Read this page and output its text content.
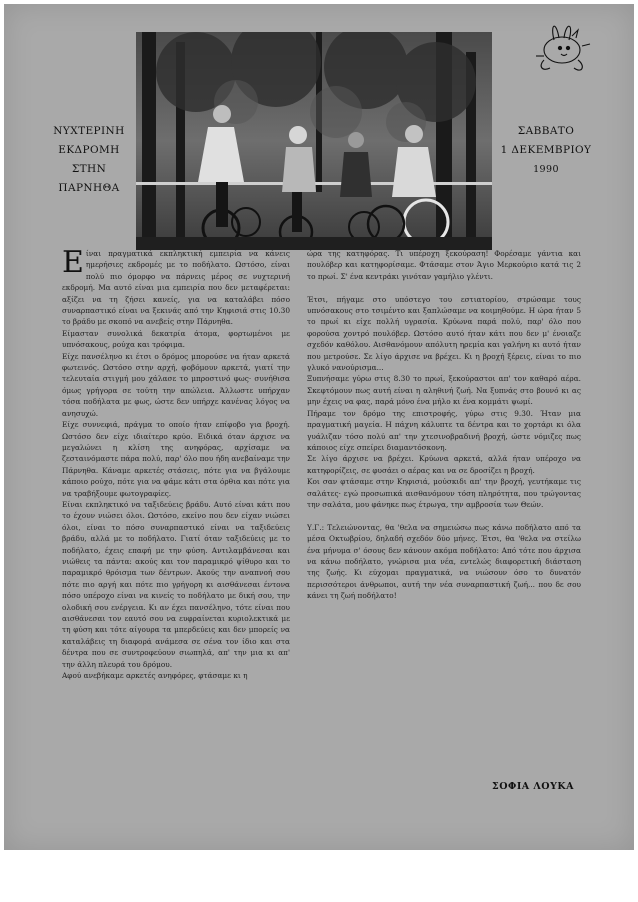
ΝΥΧΤΕΡΙΝΗ
ΕΚΔΡΟΜΗ
ΣΤΗΝ
ΠΑΡΝΗΘΑ
ΣΑΒΒΑΤΟ
1 ΔΕΚΕΜΒΡΙΟΥ
1990
Είναι πραγματικά εκπληκτική εμπειρία να κάνεις ημερήσιες εκδρομές με το ποδήλατο. Ωστόσο, είναι πολύ πιο όμορφο να πάρνεις μέρος σε νυχτερινή εκδρομή. Μα αυτό είναι μια εμπειρία που δεν μεταφέρεται: αξίζει να τη ζήσει κανείς, για να καταλάβει πόσο συναρπαστικό είναι να ξεκινάς από την Κηφισιά στις 10.30 το βράδυ με σκοπό να ανεβείς στην Πάρνηθα.
Είμασταν συνολικά δεκατρία άτομα, φορτωμένοι με υπνόσακους, ρούχα και τρόφιμα.
Είχε πανσέληνο κι έτσι ο δρόμος μπορούσε να ήταν αρκετά φωτεινός. Ωστόσο στην αρχή, φοβόμουν αρκετά, γιατί την τελευταία στιγμή μου χάλασε το μπροστινό φως· συνήθισα όμως γρήγορα σε τούτη την απώλεια. Άλλωστε υπήρχαν τόσα ποδήλατα με φως, ώστε δεν υπήρχε κανένας λόγος να ανησυχώ.
Είχε συννεφιά, πράγμα το οποίο ήταν επίφοβο για βροχή. Ωστόσο δεν είχε ιδιαίτερο κρύο. Ειδικά όταν άρχισε να μεγαλώνει η κλίση της ανηφόρας, αρχίσαμε να ζεσταινόμαστε πάρα πολύ, παρ' όλο που ήδη ανεβαίναμε την Πάρνηθα. Κάναμε αρκετές στάσεις, πότε για να βγάλουμε κάποιο ρούχο, πότε για να φάμε κάτι στα όρθια και πότε για να τραβήξουμε φωτογραφίες.
Είναι εκπληκτικό να ταξιδεύεις βράδυ. Αυτό είναι κάτι που το έχουν νιώσει όλοι. Ωστόσο, εκείνο που δεν είχαν νιώσει όλοι, είναι το πόσο συναρπαστικό είναι να ταξιδεύεις βράδυ, αλλά με το ποδήλατο. Γιατί όταν ταξιδεύεις με το ποδήλατο, έχεις επαφή με την φύση. Αντιλαμβάνεσαι και νιώθεις τα πάντα: ακούς και τον παραμικρό ψίθυρο και το παραμικρό θρόισμα των δέντρων. Ακούς την αναπνοή σου πότε πιο αργή και πότε πιο γρήγορη κι αισθάνεσαι έντονα πόσο υπέροχο είναι να κινείς το ποδήλατο με δική σου, την ολοδική σου ενέργεια. Κι αν έχει πανσέληνο, τότε είναι που αισθάνεσαι τον εαυτό σου να ευφραίνεται κυριολεκτικά με τη φύση και τότε αίγουρα τα μπερδεύεις και δεν μπορείς να καταλάβεις τη διαφορά ανάμεσα σε σένα τον ίδιο και στα δέντρα που σε συντροφεύουν σιωπηλά, απ' την μια κι απ' την άλλη πλευρά του δρόμου.
Αφού ανεβήκαμε αρκετές ανηφόρες, φτάσαμε κι η
ώρα της κατηφόρας. Τι υπέροχη ξεκούραση! Φορέσαμε γάντια και πουλόβερ και κατηφορίσαμε. Φτάσαμε στον Άγιο Μερκούριο κατά τις 2 το πρωί. Σ' ένα κεντράκι γινόταν γαμήλιο γλέντι.

Έτσι, πήγαμε στο υπόστεγο του εστιατορίου, στρώσαμε τους υπνόσακους στο τσιμέντο και ξαπλώσαμε να κοιμηθούμε. Η ώρα ήταν 5 το πρωί κι είχε πολλή υγρασία. Κρύωνα παρά πολύ, παρ' όλο που φορούσα χοντρό πουλόβερ. Ωστόσο αυτό ήταν κάτι που δεν μ' ένοιαζε σχεδόν καθόλου. Αισθανόμουν απόλυτη ηρεμία και γαλήνη κι αυτό ήταν που μετρούσε. Σε λίγο άρχισε να βρέχει. Κι η βροχή ξέρεις, είναι το πιο γλυκό νανούρισμα...
Ξυπνήσαμε γύρω στις 8.30 το πρωί, ξεκούραστοι απ' τον καθαρό αέρα. Σκεφτόμουν πως αυτή είναι η αληθινή ζωή. Να ξυπνάς στο βουνό κι ας μην έχεις να φας, παρά μόνο ένα μήλο κι ένα κομμάτι ψωμί.
Πήραμε τον δρόμο της επιστροφής, γύρω στις 9.30. Ήταν μια πραγματική μαγεία. Η πάχνη κάλυπτε τα δέντρα και το χορτάρι κι όλα γυάλιζαν τόσο πολύ απ' την χτεσινοβραδινή βροχή, ώστε νόμιζες πως κάποιος είχε σπείρει διαμαντόσκονη.
Σε λίγο άρχισε να βρέχει. Κρύωνα αρκετά, αλλά ήταν υπέροχο να κατηφορίζεις, σε φυσάει ο αέρας και να σε δροσίζει η βροχή.
Κοι σαν φτάσαμε στην Κηφισιά, μούσκιδι απ' την βροχή, γευτήκαμε τις σαλάτες· εγώ προσωπικά αισθανόμουν τόση πληρότητα, που τρώγοντας την σαλάτα, μου φάνηκε πως έτρωγα, την αμβροσία των Θεών.

Υ.Γ.: Τελειώνοντας, θα 'θελα να σημειώσω πως κάνω ποδήλατο από τα μέσα Οκτωβρίου, δηλαδή σχεδόν δύο μήνες. Έτσι, θα 'θελα να στείλω ένα μήνυμα σ' όσους δεν κάνουν ακόμα ποδήλατο: Από τότε που άρχισα να κάνω ποδήλατο, γνώρισα μια νέα, εντελώς διαφορετική διάσταση της ζωής. Κι εύχομαι πραγματικά, να νιώσουν όσο το δυνατόν περισσότεροι άνθρωποι, αυτή την νέα συναρπαστική ζωή... που δε σου κάνει τη ζωή ποδήλατο!
ΣΟΦΙΑ ΛΟΥΚΑ
